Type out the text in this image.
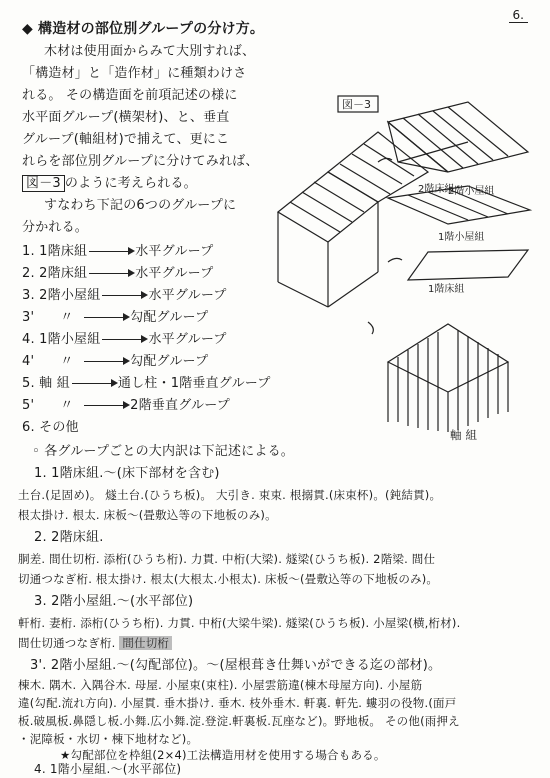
6.
◆ 構造材の部位別グループの分け方。
木材は使用面からみて大別すれば、
「構造材」と「造作材」に種類わけさ
れる。 その構造面を前項記述の様に
水平面グループ(横架材)、と、垂直
グループ(軸組材)で捕えて、更にこ
れらを部位別グループに分けてみれば、
図－3 のように考えられる。
すなわち下記の6つのグループに
分かれる。
1. 1階床組	水平グループ
2. 2階床組	水平グループ
3. 2階小屋組	水平グループ
3' 〃	勾配グループ
4. 1階小屋組	水平グループ
4' 〃	勾配グループ
5. 軸 組	通し柱・1階垂直グループ
5' 〃	2階垂直グループ
6. その他
図－3
2階小屋組
2階床組
1階小屋組
1階床組
軸 組
◦ 各グループごとの大内訳は下記述による。
1. 1階床組.～(床下部材を含む)
土台.(足固め)。 燧土台.(ひうち板)。 大引き. 束束. 根搦貫.(床束杯)。(鈍結貫)。
根太掛け. 根太. 床板～(畳敷込等の下地板のみ)。
2. 2階床組.
胴差. 間仕切桁. 添桁(ひうち桁). 力貫. 中桁(大梁). 燧梁(ひうち板). 2階梁. 間仕
切通つなぎ桁. 根太掛け. 根太(大根太.小根太). 床板～(畳敷込等の下地板のみ)。
3. 2階小屋組.～(水平部位)
軒桁. 妻桁. 添桁(ひうち桁). 力貫. 中桁(大梁牛梁). 燧梁(ひうち板). 小屋梁(横,桁材).
間仕切通つなぎ桁. 間仕切桁
3'. 2階小屋組.～(勾配部位)。～(屋根葺き仕舞いができる迄の部材)。
棟木. 隅木. 入隅谷木. 母屋. 小屋束(束柱). 小屋雲筋違(棟木母屋方向). 小屋筋
違(勾配.流れ方向). 小屋貫. 垂木掛け. 垂木. 枝外垂木. 軒裏. 軒先. 螻羽の役物.(面戸
板.破風板.鼻隠し板.小舞.広小舞.淀.登淀.軒裏板.瓦座など)。野地板。 その他(雨押え
・泥障板・水切・棟下地材など)。
★勾配部位を枠組(2×4)工法構造用材を使用する場合もある。
4. 1階小屋組.～(水平部位)
